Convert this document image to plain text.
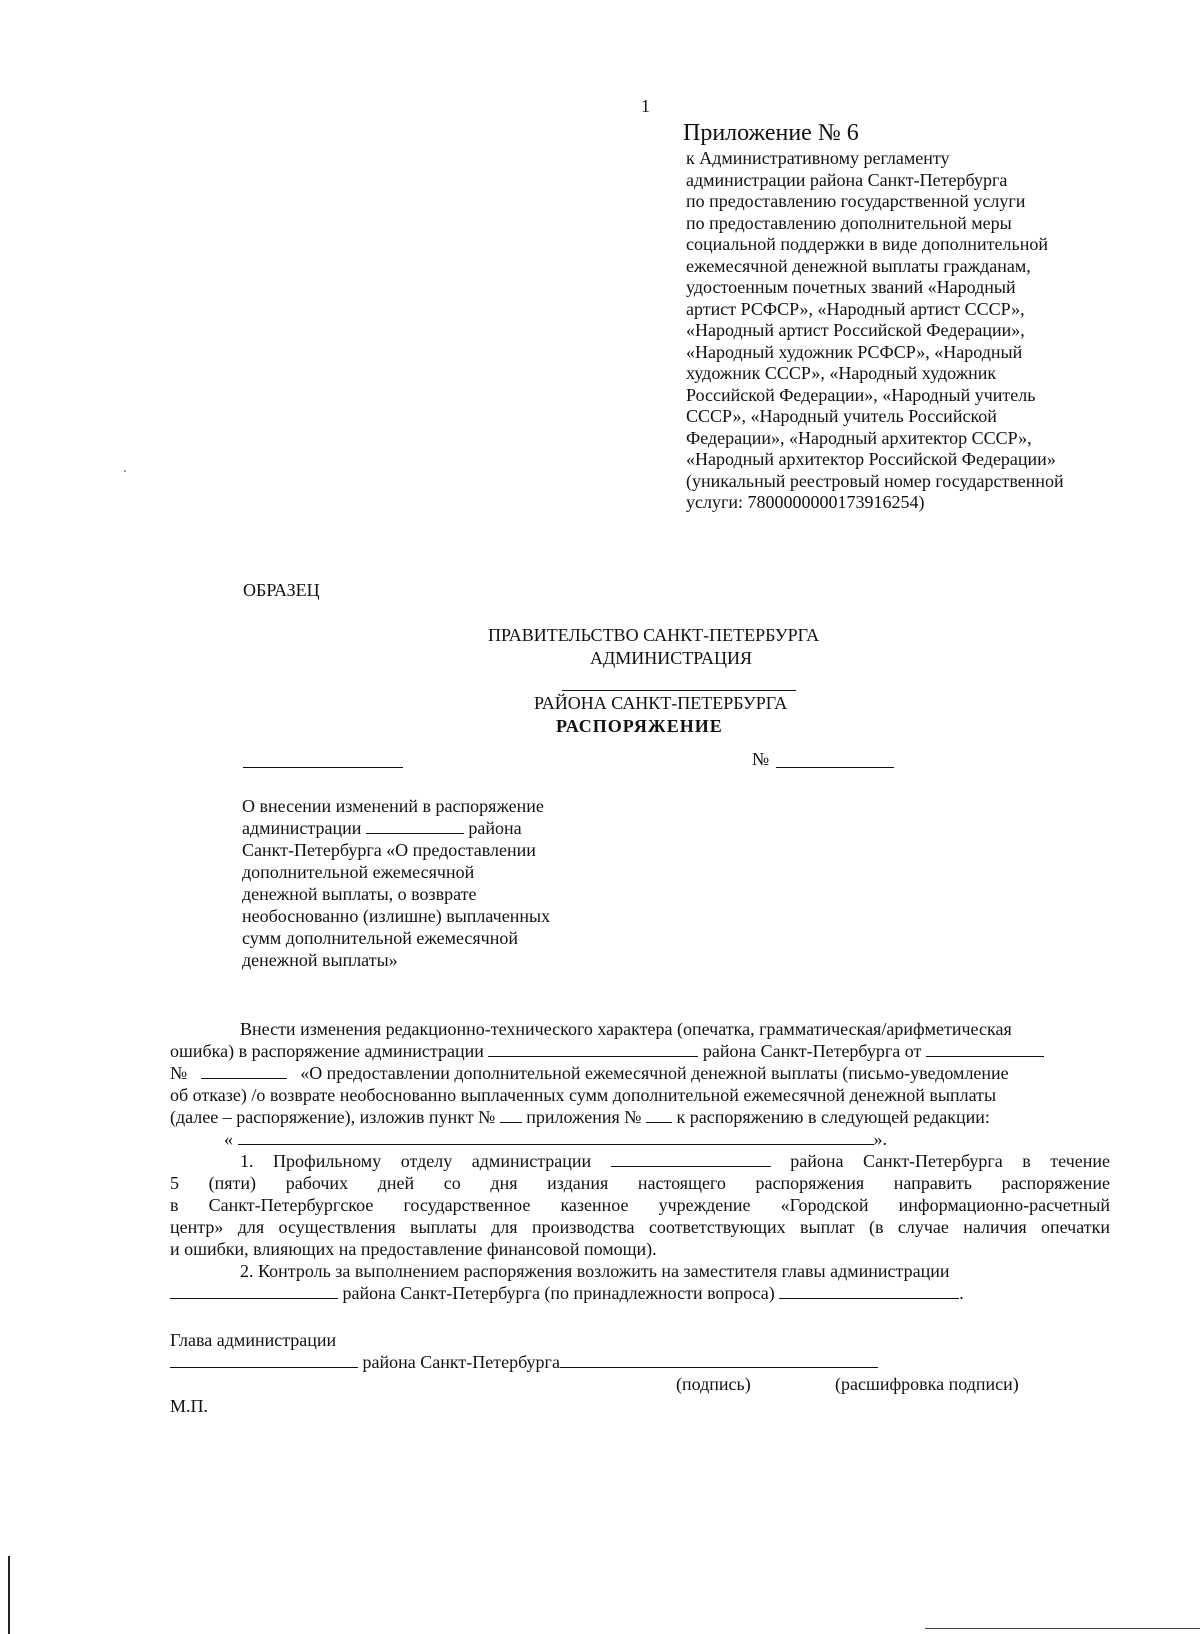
1
Приложение № 6
к Административному регламенту
администрации района Санкт-Петербурга
по предоставлению государственной услуги
по предоставлению дополнительной меры
социальной поддержки в виде дополнительной
ежемесячной денежной выплаты гражданам,
удостоенным почетных званий «Народный
артист РСФСР», «Народный артист СССР»,
«Народный артист Российской Федерации»,
«Народный художник РСФСР», «Народный
художник СССР», «Народный художник
Российской Федерации», «Народный учитель
СССР», «Народный учитель Российской
Федерации», «Народный архитектор СССР»,
«Народный архитектор Российской Федерации»
(уникальный реестровый номер государственной
услуги: 7800000000173916254)
ОБРАЗЕЦ
ПРАВИТЕЛЬСТВО САНКТ-ПЕТЕРБУРГА
АДМИНИСТРАЦИЯ
РАЙОНА САНКТ-ПЕТЕРБУРГА
РАСПОРЯЖЕНИЕ
№
О внесении изменений в распоряжение
администрации	района
Санкт-Петербурга «О предоставлении
дополнительной ежемесячной
денежной выплаты, о возврате
необоснованно (излишне) выплаченных
сумм дополнительной ежемесячной
денежной выплаты»
Внести изменения редакционно-технического характера (опечатка, грамматическая/арифметическая
ошибка) в распоряжение администрации	района Санкт-Петербурга от
№	«О предоставлении дополнительной ежемесячной денежной выплаты (письмо-уведомление
об отказе) /о возврате необоснованно выплаченных сумм дополнительной ежемесячной денежной выплаты
(далее – распоряжение), изложив пункт № приложения № к распоряжению в следующей редакции:
«	».
1. Профильному отделу администрации	района Санкт-Петербурга в течение
5 (пяти) рабочих дней со дня издания настоящего распоряжения направить распоряжение
в Санкт-Петербургское государственное казенное учреждение «Городской информационно-расчетный
центр» для осуществления выплаты для производства соответствующих выплат (в случае наличия опечатки
и ошибки, влияющих на предоставление финансовой помощи).
2. Контроль за выполнением распоряжения возложить на заместителя главы администрации
района Санкт-Петербурга (по принадлежности вопроса)	.
Глава администрации
района Санкт-Петербурга
(подпись)	(расшифровка подписи)
М.П.
